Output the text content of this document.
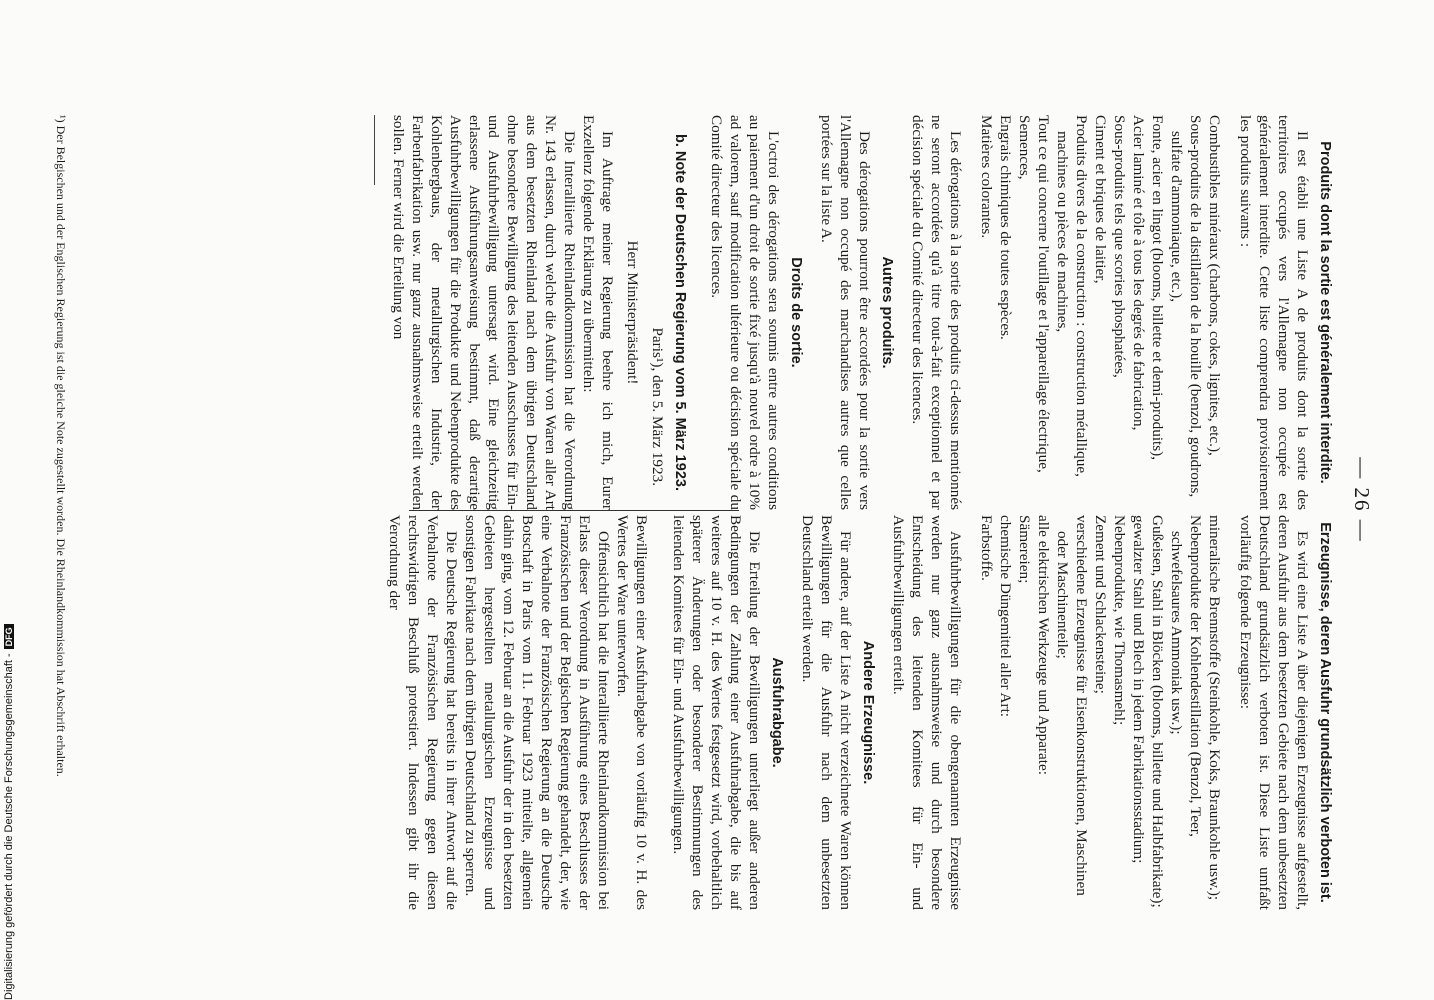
— 26 —
Produits dont la sortie est généralement interdite.

Il est établi une Liste A de produits dont la sortie des territoires occupés vers l'Allemagne non occupée est généralement interdite. Cette liste comprendra provisoirement les produits suivants :

Combustibles minéraux (charbons, cokes, lignites, etc.),
Sous-produits de la distillation de la houille (benzol, goudrons, sulfate d'ammoniaque, etc.),
Fonte, acier en lingot (blooms, billette et demi-produits),
Acier laminé et tôle à tous les degrés de fabrication,
Sous-produits tels que scories phosphatées,
Ciment et briques de laitier,
Produits divers de la construction : construction métallique, machines ou pièces de machines,
Tout ce qui concerne l'outillage et l'appareillage électrique,
Semences,
Engrais chimiques de toutes espèces.
Matières colorantes.

Les dérogations à la sortie des produits ci-dessus mentionnés ne seront accordées qu'à titre tout-à-fait exceptionnel et par décision spéciale du Comité directeur des licences.

Autres produits.

Des dérogations pourront être accordées pour la sortie vers l'Allemagne non occupé des marchandises autres que celles portées sur la liste A.

Droits de sortie.

L'octroi des dérogations sera soumis entre autres conditions au paiement d'un droit de sortie fixé jusqu'à nouvel ordre à 10% ad valorem, sauf modification ultérieure ou décision spéciale du Comité directeur des licences.

b. Note der Deutschen Regierung vom 5. März 1923.
Paris¹), den 5. März 1923.
Herr Ministerpräsident!

Im Auftrage meiner Regierung beehre ich mich, Eurer Exzellenz folgende Erklärung zu übermitteln:

Die Interalliierte Rheinlandkommission hat die Verordnung Nr. 143 erlassen, durch welche die Ausfuhr von Waren aller Art aus dem besetzten Rheinland nach dem übrigen Deutschland ohne besondere Bewilligung des leitenden Ausschusses für Ein- und Ausfuhrbewilligung untersagt wird. Eine gleichzeitig erlassene Ausführungsanweisung bestimmt, daß derartige Ausfuhrbewilligungen für die Produkte und Nebenprodukte des Kohlenbergbaus, der metallurgischen Industrie, der Farbenfabrikation usw. nur ganz ausnahmsweise erteilt werden sollen. Ferner wird die Erteilung von

Erzeugnisse, deren Ausfuhr grundsätzlich verboten ist.

Es wird eine Liste A über diejenigen Erzeugnisse aufgestellt, deren Ausfuhr aus dem besetzten Gebiete nach dem unbesetzten Deutschland grundsätzlich verboten ist. Diese Liste umfaßt vorläufig folgende Erzeugnisse:

mineralische Brennstoffe (Steinkohle, Koks, Braunkohle usw.);
Nebenprodukte der Kohlendestillation (Benzol, Teer, schwefelsaures Ammoniak usw.);
Gußeisen, Stahl in Blöcken (blooms, billette und Halbfabrikate);
gewalzter Stahl und Blech in jedem Fabrikationsstadium;
Nebenprodukte, wie Thomasmehl;
Zement und Schlackensteine;
verschiedene Erzeugnisse für Eisenkonstruktionen, Maschinen oder Maschinenteile;
alle elektrischen Werkzeuge und Apparate:
Sämereien;
chemische Düngemittel aller Art:
Farbstoffe.

Ausfuhrbewilligungen für die obengenannten Erzeugnisse werden nur ganz ausnahmsweise und durch besondere Entscheidung des leitenden Komitees für Ein- und Ausfuhrbewilligungen erteilt.

Andere Erzeugnisse.

Für andere, auf der Liste A nicht verzeichnete Waren können Bewilligungen für die Ausfuhr nach dem unbesetzten Deutschland erteilt werden.

Ausfuhrabgabe.

Die Erteilung der Bewilligungen unterliegt außer anderen Bedingungen der Zahlung einer Ausfuhrabgabe, die bis auf weiteres auf 10 v. H. des Wertes festgesetzt wird, vorbehaltlich späterer Änderungen oder besonderer Bestimmungen des leitenden Komitees für Ein- und Ausfuhrbewilligungen.

Bewilligungen einer Ausfuhrabgabe von vorläufig 10 v. H. des Wertes der Ware unterworfen.

Offensichtlich hat die Interalliierte Rheinlandkommission bei Erlass dieser Verordnung in Ausführung eines Beschlusses der Französischen und der Belgischen Regierung gehandelt, der, wie eine Verbalnote der Französischen Regierung an die Deutsche Botschaft in Paris vom 11. Februar 1923 mitteilte, allgemein dahin ging, vom 12. Februar an die Ausfuhr der in den besetzten Gebieten hergestellten metallurgischen Erzeugnisse und sonstigen Fabrikate nach dem übrigen Deutschland zu sperren.

Die Deutsche Regierung hat bereits in ihrer Antwort auf die Verbalnote der Französischen Regierung gegen diesen rechtswidrigen Beschluß protestiert. Indessen gibt ihr die Verordnung der

¹) Der Belgischen und der Englischen Regierung ist die gleiche Note zugestellt worden. Die Rheinlandkommission hat Abschrift erhalten.
Digitalisierung gefördert durch die Deutsche Forschungsgemeinschaft -DFG
